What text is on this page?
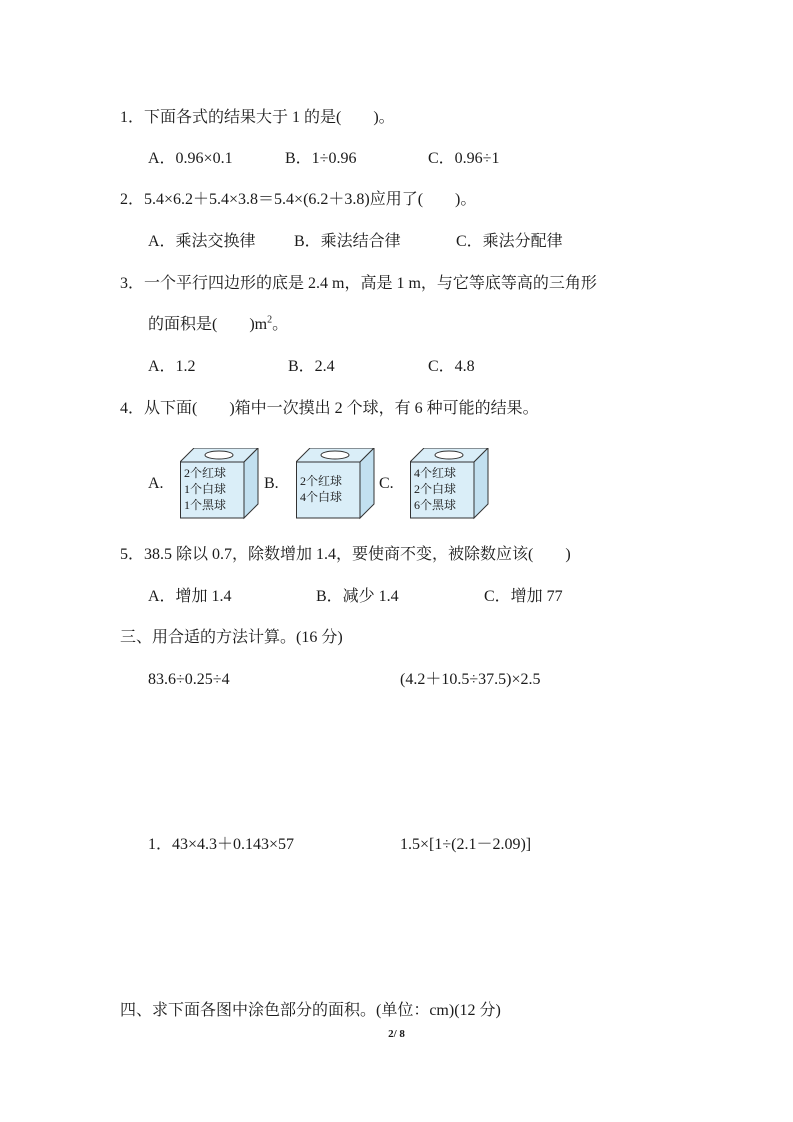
1．下面各式的结果大于 1 的是(　　)。
A．0.96×0.1	B．1÷0.96	C．0.96÷1
2．5.4×6.2＋5.4×3.8＝5.4×(6.2＋3.8)应用了(　　)。
A．乘法交换律 B．乘法结合律	C．乘法分配律
3．一个平行四边形的底是 2.4 m，高是 1 m，与它等底等高的三角形
的面积是(　　)$m^2$。
A．1.2	B．2.4	C．4.8
4．从下面(　　)箱中一次摸出 2 个球，有 6 种可能的结果。
A.
2个红球
1个白球
1个黑球
B. 2个红球
4个白球
C.
4个红球
2个白球
6个黑球
5．38.5 除以 0.7，除数增加 1.4，要使商不变，被除数应该(　　)
A．增加 1.4	B．减少 1.4	C．增加 77
三、用合适的方法计算。(16 分)
83.6÷0.25÷4	(4.2＋10.5÷37.5)×2.5
1．43×4.3＋0.143×57	1.5×[1÷(2.1－2.09)]
四、求下面各图中涂色部分的面积。(单位：cm)(12 分)
2/ 8
